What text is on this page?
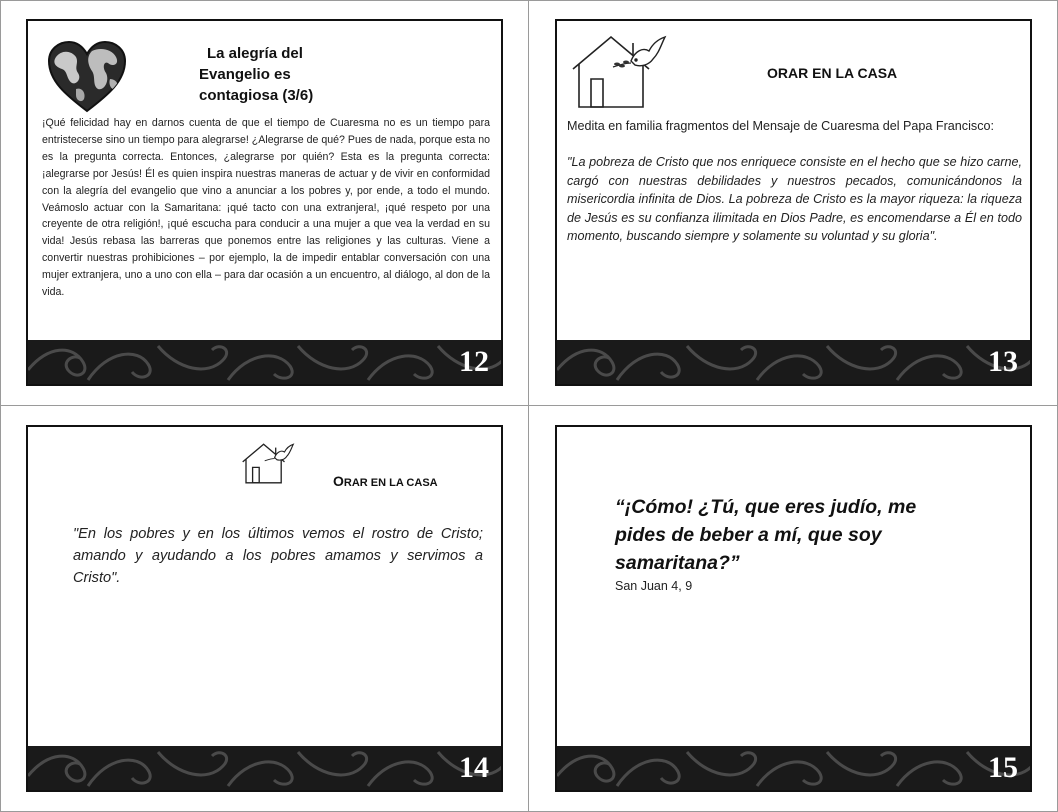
La alegría del
Evangelio es
contagiosa (3/6)
¡Qué felicidad hay en darnos cuenta de que el tiempo de Cuaresma no es un tiempo para entristecerse sino un tiempo para alegrarse! ¿Alegrarse de qué? Pues de nada, porque esta no es la pregunta correcta. Entonces, ¿alegrarse por quién? Esta es la pregunta correcta: ¡alegrarse por Jesús! Él es quien inspira nuestras maneras de actuar y de vivir en conformidad con la alegría del evangelio que vino a anunciar a los pobres y, por ende, a todo el mundo. Veámoslo actuar con la Samaritana: ¡qué tacto con una extranjera!, ¡qué respeto por una creyente de otra religión!, ¡qué escucha para conducir a una mujer a que vea la verdad en su vida! Jesús rebasa las barreras que ponemos entre las religiones y las culturas. Viene a convertir nuestras prohibiciones – por ejemplo, la de impedir entablar conversación con una mujer extranjera, uno a uno con ella – para dar ocasión a un encuentro, al diálogo, al don de la vida.
12
ORAR EN LA CASA

Medita en familia fragmentos del Mensaje de Cuaresma del Papa Francisco:

"La pobreza de Cristo que nos enriquece consiste en el hecho que se hizo carne, cargó con nuestras debilidades y nuestros pecados, comunicándonos la misericordia infinita de Dios. La pobreza de Cristo es la mayor riqueza: la riqueza de Jesús es su confianza ilimitada en Dios Padre, es encomendarse a Él en todo momento, buscando siempre y solamente su voluntad y su gloria".

13
ORAR EN LA CASA
"En los pobres y en los últimos vemos el rostro de Cristo; amando y ayudando a los pobres amamos y servimos a Cristo".
14
“¡Cómo! ¿Tú, que eres judío, me pides de beber a mí, que soy samaritana?”
San Juan 4, 9
15
